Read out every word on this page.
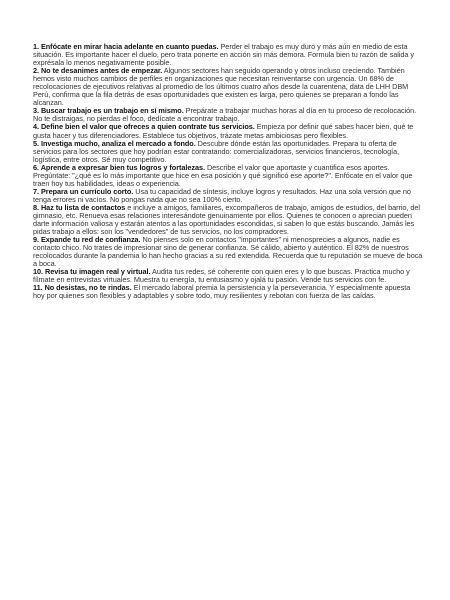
1. Enfócate en mirar hacia adelante en cuanto puedas. Perder el trabajo es muy duro y más aún en medio de esta situación. Es importante hacer el duelo, pero trata ponerte en acción sin más demora. Formula bien tu razón de salida y exprésala lo menos negativamente posible.

2. No te desanimes antes de empezar. Algunos sectores han seguido operando y otros incluso creciendo. También hemos visto muchos cambios de perfiles en organizaciones que necesitan reinventarse con urgencia. Un 68% de recolocaciones de ejecutivos relativas al promedio de los últimos cuatro años desde la cuarentena, data de LHH DBM Perú, confirma que la fila detrás de esas oportunidades que existen es larga, pero quienes se preparan a fondo las alcanzan.

3. Buscar trabajo es un trabajo en sí mismo. Prepárate a trabajar muchas horas al día en tu proceso de recolocación. No te distraigas, no pierdas el foco, dedícate a encontrar trabajo.

4. Define bien el valor que ofreces a quien contrate tus servicios. Empieza por definir qué sabes hacer bien, qué te gusta hacer y tus diferenciadores. Establece tus objetivos, trázate metas ambiciosas pero flexibles.

5. Investiga mucho, analiza el mercado a fondo. Descubre dónde están las oportunidades. Prepara tu oferta de servicios para los sectores que hoy podrían estar contratando: comercializadoras, servicios financieros, tecnología, logística, entre otros. Sé muy competitivo.

6. Aprende a expresar bien tus logros y fortalezas. Describe el valor que aportaste y cuantifica esos aportes. Pregúntate: "¿qué es lo más importante que hice en esa posición y qué significó ese aporte?". Enfócate en el valor que traen hoy tus habilidades, ideas o experiencia.

7. Prepara un currículo corto. Usa tu capacidad de síntesis, incluye logros y resultados. Haz una sola versión que no tenga errores ni vacíos. No pongas nada que no sea 100% cierto.

8. Haz tu lista de contactos e incluye a amigos, familiares, excompañeros de trabajo, amigos de estudios, del barrio, del gimnasio, etc. Renueva esas relaciones interesándote genuinamente por ellos. Quienes te conocen o aprecian pueden darte información valiosa y estarán atentos a las oportunidades escondidas, si saben lo que estás buscando. Jamás les pidas trabajo a ellos: son los "vendedores" de tus servicios, no los compradores.

9. Expande tu red de confianza. No pienses solo en contactos "importantes" ni menosprecies a algunos, nadie es contacto chico. No trates de impresionar sino de generar confianza. Sé cálido, abierto y auténtico. El 82% de nuestros recolocados durante la pandemia lo han hecho gracias a su red extendida. Recuerda que tu reputación se mueve de boca a boca.

10. Revisa tu imagen real y virtual. Audita tus redes, sé coherente con quien eres y lo que buscas. Practica mucho y fílmate en entrevistas virtuales. Muestra tu energía, tu entusiasmo y ojalá tu pasión. Vende tus servicios con fe.

11. No desistas, no te rindas. El mercado laboral premia la persistencia y la perseverancia. Y especialmente apuesta hoy por quienes son flexibles y adaptables y sobre todo, muy resilientes y rebotan con fuerza de las caídas.
